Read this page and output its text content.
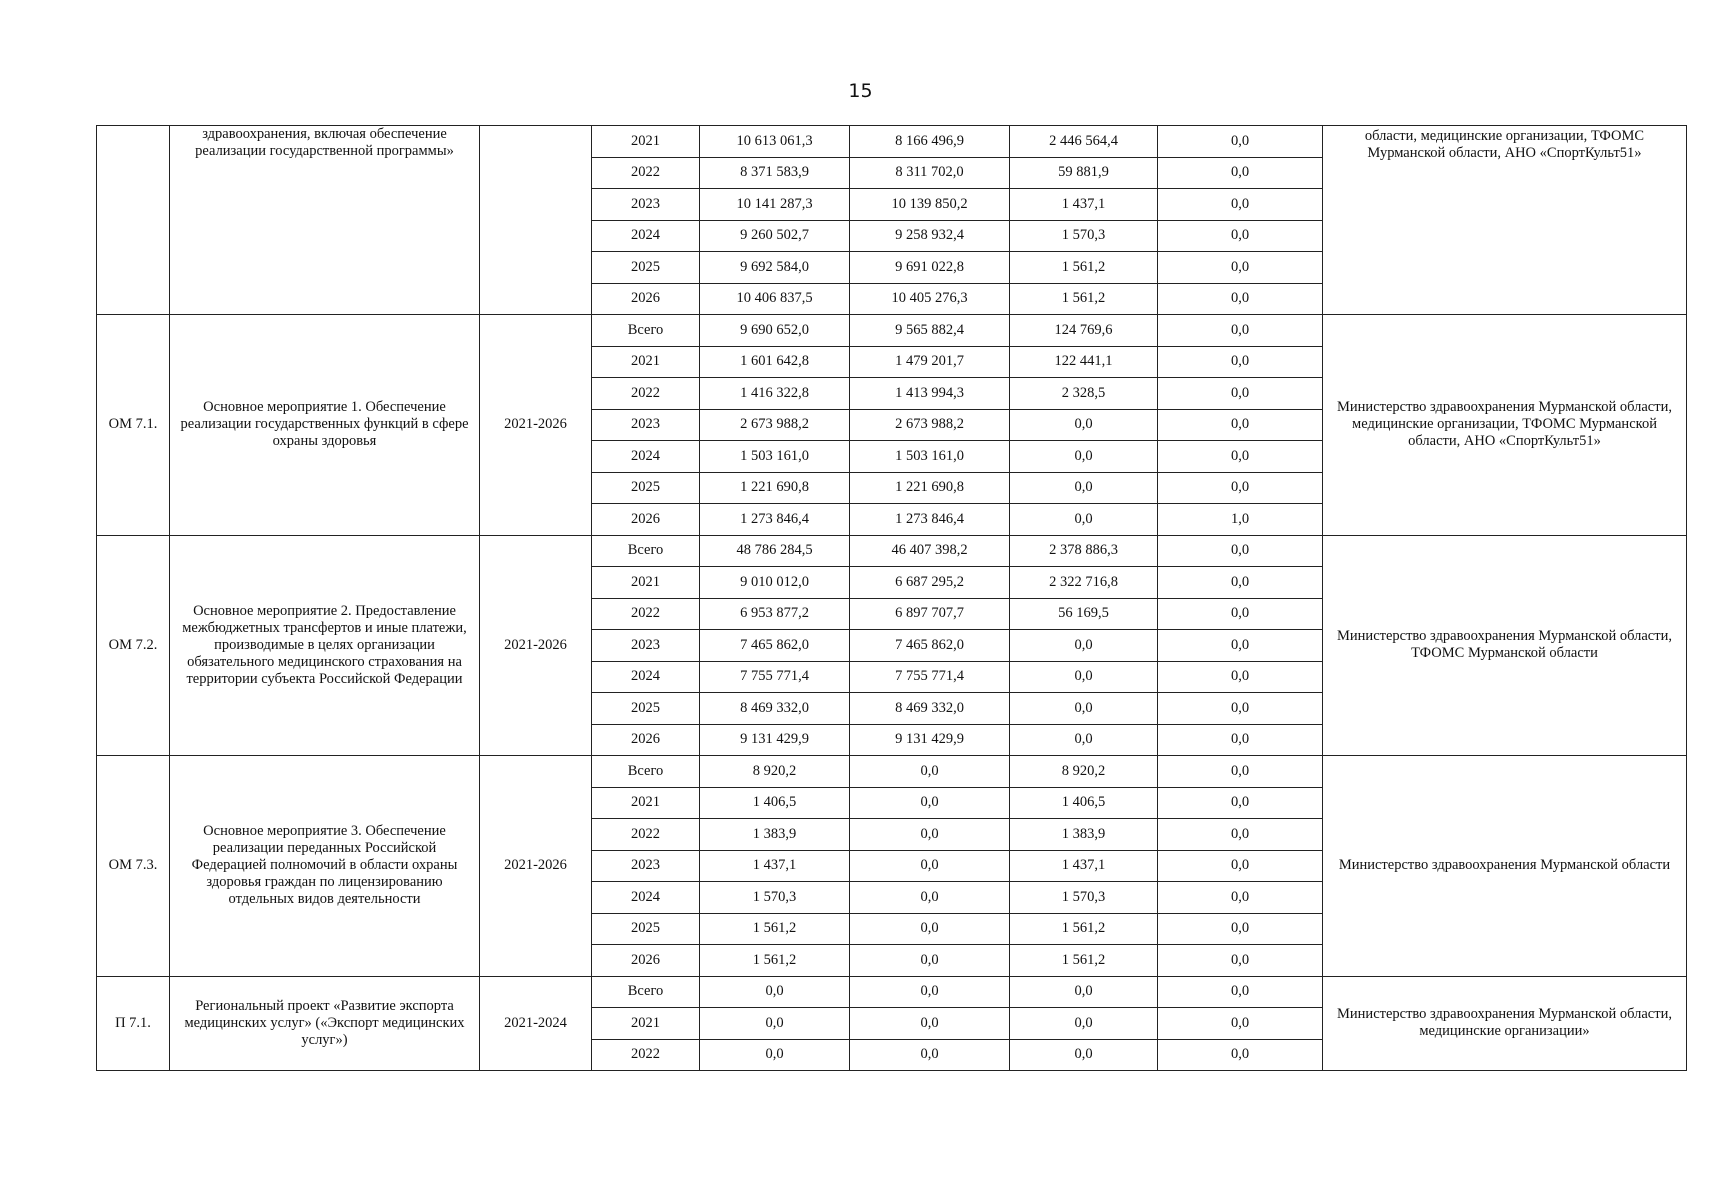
15
	здравоохранения, включая обеспечение реализации государственной программы»		2021	10 613 061,3	8 166 496,9	2 446 564,4	0,0	области, медицинские организации, ТФОМС Мурманской области, АНО «СпортКульт51»
			2022	8 371 583,9	8 311 702,0	59 881,9	0,0	
			2023	10 141 287,3	10 139 850,2	1 437,1	0,0	
			2024	9 260 502,7	9 258 932,4	1 570,3	0,0	
			2025	9 692 584,0	9 691 022,8	1 561,2	0,0	
			2026	10 406 837,5	10 405 276,3	1 561,2	0,0	
ОМ 7.1.	Основное мероприятие 1. Обеспечение реализации государственных функций в сфере охраны здоровья	2021-2026	Всего	9 690 652,0	9 565 882,4	124 769,6	0,0	Министерство здравоохранения Мурманской области, медицинские организации, ТФОМС Мурманской области, АНО «СпортКульт51»
			2021	1 601 642,8	1 479 201,7	122 441,1	0,0	
			2022	1 416 322,8	1 413 994,3	2 328,5	0,0	
			2023	2 673 988,2	2 673 988,2	0,0	0,0	
			2024	1 503 161,0	1 503 161,0	0,0	0,0	
			2025	1 221 690,8	1 221 690,8	0,0	0,0	
			2026	1 273 846,4	1 273 846,4	0,0	1,0	
ОМ 7.2.	Основное мероприятие 2. Предоставление межбюджетных трансфертов и иные платежи, производимые в целях организации обязательного медицинского страхования на территории субъекта Российской Федерации	2021-2026	Всего	48 786 284,5	46 407 398,2	2 378 886,3	0,0	Министерство здравоохранения Мурманской области, ТФОМС Мурманской области
			2021	9 010 012,0	6 687 295,2	2 322 716,8	0,0	
			2022	6 953 877,2	6 897 707,7	56 169,5	0,0	
			2023	7 465 862,0	7 465 862,0	0,0	0,0	
			2024	7 755 771,4	7 755 771,4	0,0	0,0	
			2025	8 469 332,0	8 469 332,0	0,0	0,0	
			2026	9 131 429,9	9 131 429,9	0,0	0,0	
ОМ 7.3.	Основное мероприятие 3. Обеспечение реализации переданных Российской Федерацией полномочий в области охраны здоровья граждан по лицензированию отдельных видов деятельности	2021-2026	Всего	8 920,2	0,0	8 920,2	0,0	Министерство здравоохранения Мурманской области
			2021	1 406,5	0,0	1 406,5	0,0	
			2022	1 383,9	0,0	1 383,9	0,0	
			2023	1 437,1	0,0	1 437,1	0,0	
			2024	1 570,3	0,0	1 570,3	0,0	
			2025	1 561,2	0,0	1 561,2	0,0	
			2026	1 561,2	0,0	1 561,2	0,0	
П 7.1.	Региональный проект «Развитие экспорта медицинских услуг» («Экспорт медицинских услуг»)	2021-2024	Всего	0,0	0,0	0,0	0,0	Министерство здравоохранения Мурманской области, медицинские организации»
			2021	0,0	0,0	0,0	0,0	
			2022	0,0	0,0	0,0	0,0	
